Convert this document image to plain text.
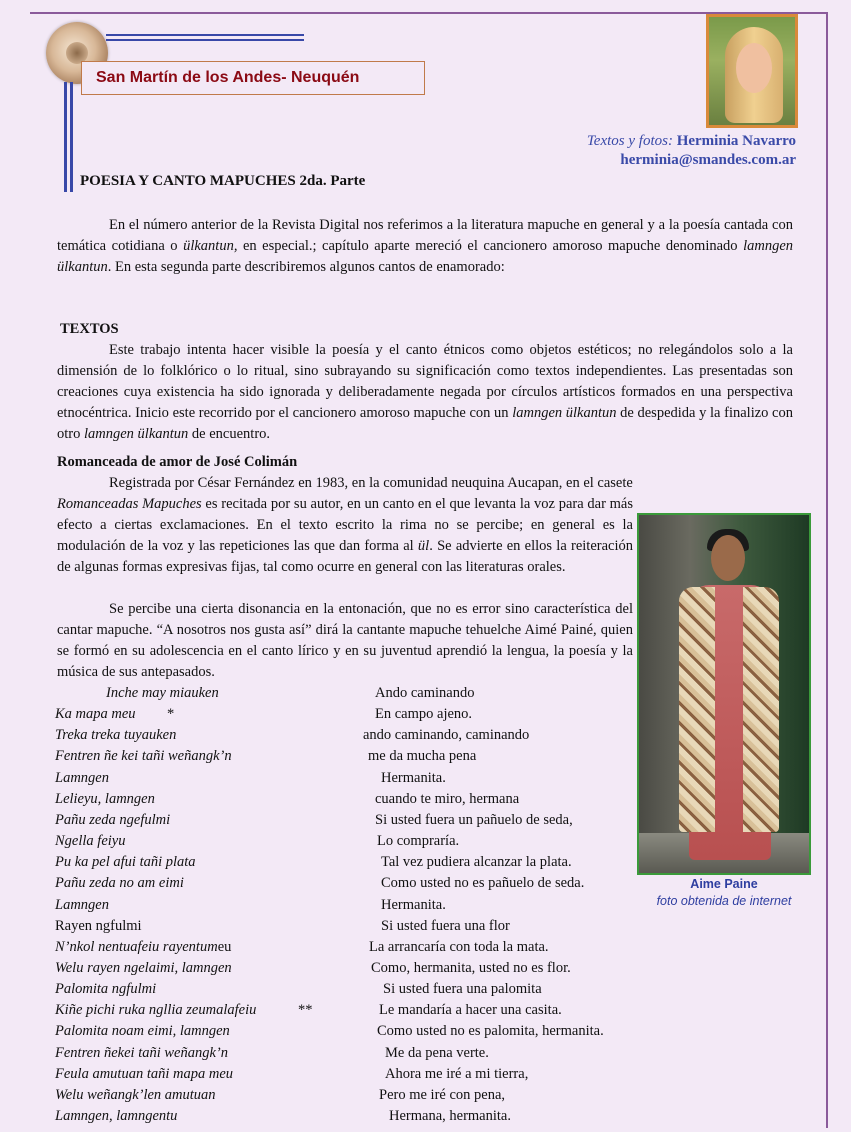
San Martín de los Andes- Neuquén
Textos y fotos: Herminia Navarro
herminia@smandes.com.ar
POESIA Y CANTO MAPUCHES 2da. Parte

En el número anterior de la Revista Digital nos referimos a la literatura mapuche en general y a la poesía cantada con temática cotidiana o ülkantun, en especial.; capítulo aparte mereció el cancionero amoroso mapuche denominado lamngen ülkantun. En esta segunda parte describiremos algunos cantos de enamorado:

TEXTOS

Este trabajo intenta hacer visible la poesía y el canto étnicos como objetos estéticos; no relegándolos solo a la dimensión de lo folklórico o lo ritual, sino subrayando su significación como textos independientes. Las presentadas son creaciones cuya existencia ha sido ignorada y deliberadamente negada por círculos artísticos formados en una perspectiva etnocéntrica. Inicio este recorrido por el cancionero amoroso mapuche con un lamngen ülkantun de despedida y la finalizo con otro lamngen ülkantun de encuentro.

Romanceada de amor de José Colimán

Registrada por César Fernández en 1983, en la comunidad neuquina Aucapan, en el casete

Romanceadas Mapuches es recitada por su autor, en un canto en el que levanta la voz para dar más efecto a ciertas exclamaciones. En el texto escrito la rima no se percibe; en general es la modulación de la voz y las repeticiones las que dan forma al ül. Se advierte en ellos la reiteración de algunas formas expresivas fijas, tal como ocurre en general con las literaturas orales.

Se percibe una cierta disonancia en la entonación, que no es error sino característica del cantar mapuche. “A nosotros nos gusta así” dirá la cantante mapuche tehuelche Aimé Painé, quien se formó en su adolescencia en el canto lírico y en su juventud aprendió la lengua, la poesía y la música de sus antepasados.

Aime Paine
foto obtenida de internet
Inche may miauken	Ando caminando
Ka mapa meu *	En campo ajeno.
Treka treka tuyauken	ando caminando, caminando
Fentren ñe kei tañi weñangk’n	me da mucha pena
Lamngen	Hermanita.
Lelieyu, lamngen	cuando te miro, hermana
Pañu zeda ngefulmi	Si usted fuera un pañuelo de seda,
Ngella feiyu	Lo compraría.
Pu ka pel afui tañi plata	Tal vez pudiera alcanzar la plata.
Pañu zeda no am eimi	Como usted no es pañuelo de seda.
Lamngen	Hermanita.
Rayen ngfulmi	Si usted fuera una flor
N’nkol nentuafeiu rayentumeu	La arrancaría con toda la mata.
Welu rayen ngelaimi, lamngen	Como, hermanita, usted no es flor.
Palomita ngfulmi	Si usted fuera una palomita
Kiñe pichi ruka ngllia zeumalafeiu	**	Le mandaría a hacer una casita.
Palomita noam eimi, lamngen	Como usted no es palomita, hermanita.
Fentren ñekei tañi weñangk’n	Me da pena verte.
Feula amutuan tañi mapa meu	Ahora me iré a mi tierra,
Welu weñangk’len amutuan	Pero me iré con pena,
Lamngen, lamngentu	Hermana, hermanita.
